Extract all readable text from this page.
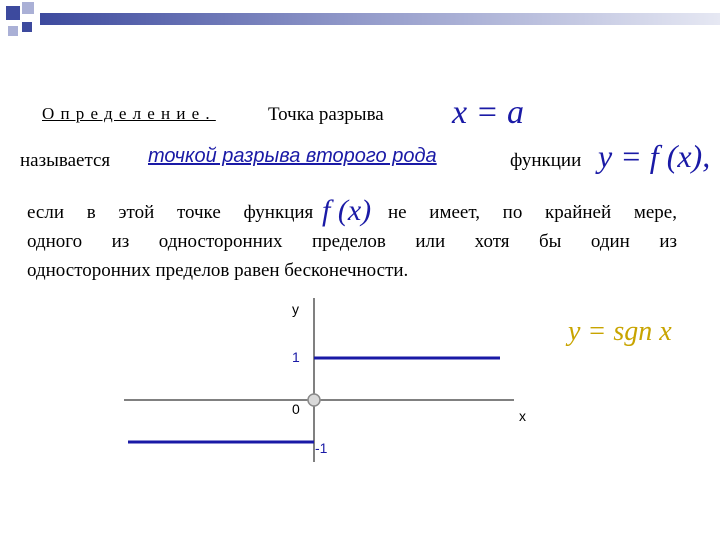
Определение.	Точка разрыва x = a
называется точкой разрыва второго рода	функции y = f (x),
если в этой точке функция	не имеет, по крайней мере,
f (x)
одного из односторонних пределов или хотя бы один из
односторонних пределов равен бесконечности.
y = sgn x
y
x
1
0
-1
